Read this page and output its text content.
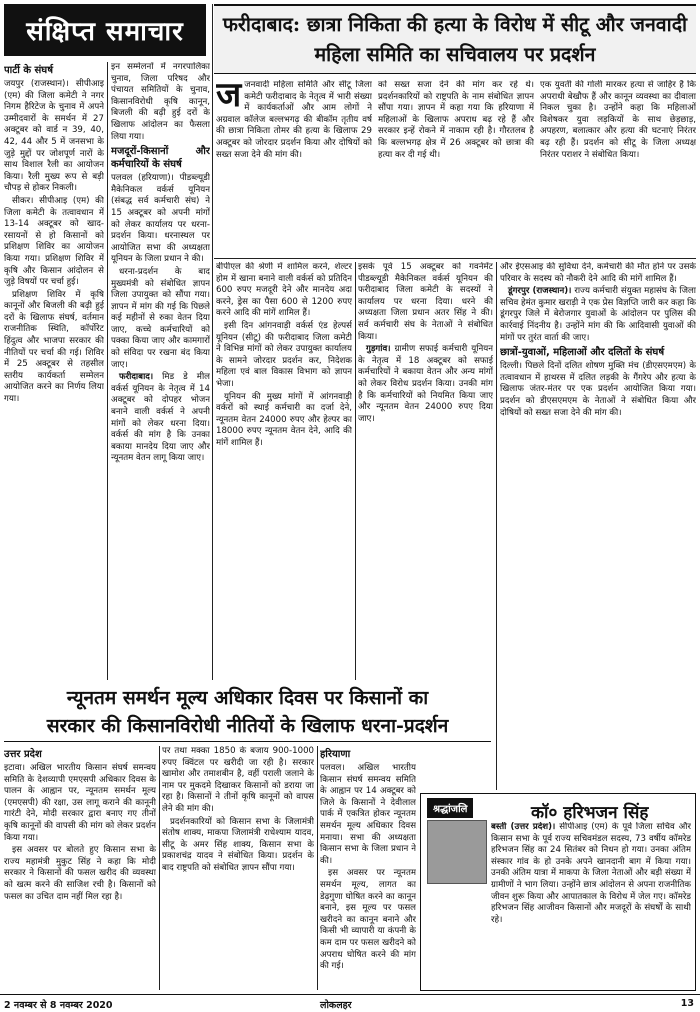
संक्षिप्त समाचार
पार्टी के संघर्ष

जयपुर (राजस्थान)। सीपीआइ (एम) की जिला कमेटी ने नगर निगम हैरिटेज के चुनाव में अपने उम्मीदवारों के समर्थन में 27 अक्टूबर को वार्ड न 39, 40, 42, 44 और 5 में जनसभा के जुड़े मुद्दों पर जोशपूर्ण नारों के साथ विशाल रैली का आयोजन किया। रैली मुख्य रूप से बड़ी चौपड़ से होकर निकली।

सीकर। सीपीआइ (एम) की जिला कमेटी के तत्वावधान में 13-14 अक्टूबर को खाद-रसायनों से हो किसानों को प्रशिक्षण शिविर का आयोजन किया गया। प्रशिक्षण शिविर में कृषि और किसान आंदोलन से जुड़े विषयों पर चर्चा हुई।

प्रशिक्षण शिविर में कृषि कानूनों और बिजली की बढ़ी हुई दरों के खिलाफ संघर्ष, वर्तमान राजनीतिक स्थिति, कॉर्पोरेट हिंदुत्व और भाजपा सरकार की नीतियों पर चर्चा की गई। शिविर में 25 अक्टूबर से तहसील स्तरीय कार्यकर्ता सम्मेलन आयोजित करने का निर्णय लिया गया।

इन सम्मेलनों में नगरपालिका चुनाव, जिला परिषद और पंचायत समितियों के चुनाव, किसानविरोधी कृषि कानून, बिजली की बढ़ी हुई दरों के खिलाफ आंदोलन का फैसला लिया गया।

मजदूरों-किसानों और कर्मचारियों के संघर्ष

पलवल (हरियाणा)। पीडब्ल्यूडी मैकेनिकल वर्कर्स यूनियन (संबद्ध सर्व कर्मचारी संघ) ने 15 अक्टूबर को अपनी मांगों को लेकर कार्यालय पर धरना-प्रदर्शन किया। धरनास्थल पर आयोजित सभा की अध्यक्षता यूनियन के जिला प्रधान ने की।

धरना-प्रदर्शन के बाद मुख्यमंत्री को संबोधित ज्ञापन जिला उपायुक्त को सौंपा गया। ज्ञापन में मांग की गई कि पिछले कई महीनों से रुका वेतन दिया जाए, कच्चे कर्मचारियों को पक्का किया जाए और कामगारों को संविदा पर रखना बंद किया जाए।

फरीदाबाद। मिड डे मील वर्कर्स यूनियन के नेतृत्व में 14 अक्टूबर को दोपहर भोजन बनाने वाली वर्कर्स ने अपनी मांगों को लेकर धरना दिया। वर्कर्स की मांग है कि उनका बकाया मानदेय दिया जाए और न्यूनतम वेतन लागू किया जाए।

फरीदाबाद: छात्रा निकिता की हत्या के विरोध में सीटू और जनवादी महिला समिति का सचिवालय पर प्रदर्शन

जजनवादी महिला समिति और सीटू जिला कमेटी फरीदाबाद के नेतृत्व में भारी संख्या में कार्यकर्ताओं और आम लोगों ने अग्रवाल कॉलेज बल्लभगढ़ की बीकॉम तृतीय वर्ष की छात्रा निकिता तोमर की हत्या के खिलाफ 29 अक्टूबर को जोरदार प्रदर्शन किया और दोषियों को सख्त सजा देने की मांग की।

को सख्त सजा देने की मांग कर रहे थे। प्रदर्शनकारियों को राष्ट्रपति के नाम संबोधित ज्ञापन सौंपा गया। ज्ञापन में कहा गया कि हरियाणा में महिलाओं के खिलाफ अपराध बढ़ रहे हैं और सरकार इन्हें रोकने में नाकाम रही है। गौरतलब है कि बल्लभगढ़ क्षेत्र में 26 अक्टूबर को छात्रा की हत्या कर दी गई थी।

एक युवती की गोली मारकर हत्या से जाहिर है कि अपराधी बेखौफ हैं और कानून व्यवस्था का दीवाला निकल चुका है। उन्होंने कहा कि महिलाओं विशेषकर युवा लड़कियों के साथ छेड़छाड़, अपहरण, बलात्कार और हत्या की घटनाएं निरंतर बढ़ रही हैं। प्रदर्शन को सीटू के जिला अध्यक्ष निरंतर पराशर ने संबोधित किया।

बीपीएल की श्रेणी में शामिल करने, शेल्टर होम में खाना बनाने वाली वर्कर्स को प्रतिदिन 600 रुपए मजदूरी देने और मानदेय अदा करने, ड्रेस का पैसा 600 से 1200 रुपए करने आदि की मांगें शामिल हैं।

इसी दिन आंगनवाड़ी वर्कर्स एंड हेल्पर्स यूनियन (सीटू) की फरीदाबाद जिला कमेटी ने विभिन्न मांगों को लेकर उपायुक्त कार्यालय के सामने जोरदार प्रदर्शन कर, निदेशक महिला एवं बाल विकास विभाग को ज्ञापन भेजा।

यूनियन की मुख्य मांगों में आंगनवाड़ी वर्करों को स्थाई कर्मचारी का दर्जा देने, न्यूनतम वेतन 24000 रुपए और हेल्पर का 18000 रुपए न्यूनतम वेतन देने, आदि की मांगें शामिल हैं।

इसके पूर्व 15 अक्टूबर को गवर्नमेंट पीडब्ल्यूडी मैकेनिकल वर्कर्स यूनियन की फरीदाबाद जिला कमेटी के सदस्यों ने कार्यालय पर धरना दिया। धरने की अध्यक्षता जिला प्रधान अतर सिंह ने की। सर्व कर्मचारी संघ के नेताओं ने संबोधित किया।

गुड़गांव। ग्रामीण सफाई कर्मचारी यूनियन के नेतृत्व में 18 अक्टूबर को सफाई कर्मचारियों ने बकाया वेतन और अन्य मांगों को लेकर विरोध प्रदर्शन किया। उनकी मांग है कि कर्मचारियों को नियमित किया जाए और न्यूनतम वेतन 24000 रुपए दिया जाए।

और ईएसआइ की सुविधा देने, कर्मचारी की मौत होने पर उसके परिवार के सदस्य को नौकरी देने आदि की मांगें शामिल हैं।

डूंगरपुर (राजस्थान)। राज्य कर्मचारी संयुक्त महासंघ के जिला सचिव हेमंत कुमार खराड़ी ने एक प्रेस विज्ञप्ति जारी कर कहा कि डूंगरपुर जिले में बेरोजगार युवाओं के आंदोलन पर पुलिस की कार्रवाई निंदनीय है। उन्होंने मांग की कि आदिवासी युवाओं की मांगों पर तुरंत वार्ता की जाए।

छात्रों-युवाओं, महिलाओं और दलितों के संघर्ष

दिल्ली। पिछले दिनों दलित शोषण मुक्ति मंच (डीएसएमएम) के तत्वावधान में हाथरस में दलित लड़की के गैंगरेप और हत्या के खिलाफ जंतर-मंतर पर एक प्रदर्शन आयोजित किया गया। प्रदर्शन को डीएसएमएम के नेताओं ने संबोधित किया और दोषियों को सख्त सजा देने की मांग की।

न्यूनतम समर्थन मूल्य अधिकार दिवस पर किसानों का
सरकार की किसानविरोधी नीतियों के खिलाफ धरना-प्रदर्शन
उत्तर प्रदेश

इटावा। अखिल भारतीय किसान संघर्ष समन्वय समिति के देशव्यापी एमएसपी अधिकार दिवस के पालन के आह्वान पर, न्यूनतम समर्थन मूल्य (एमएसपी) की रक्षा, उस लागू कराने की कानूनी गारंटी देने, मोदी सरकार द्वारा बनाए गए तीनों कृषि कानूनों की वापसी की मांग को लेकर प्रदर्शन किया गया।

इस अवसर पर बोलते हुए किसान सभा के राज्य महामंत्री मुकुट सिंह ने कहा कि मोदी सरकार ने किसानों की फसल खरीद की व्यवस्था को खत्म करने की साजिश रची है। किसानों को फसल का उचित दाम नहीं मिल रहा है।

पर तथा मक्का 1850 के बजाय 900-1000 रुपए क्विंटल पर खरीदी जा रही है। सरकार खामोश और तमाशबीन है, वहीं पराली जलाने के नाम पर मुकदमे दिखाकर किसानों को डराया जा रहा है। किसानों ने तीनों कृषि कानूनों को वापस लेने की मांग की।

प्रदर्शनकारियों को किसान सभा के जिलामंत्री संतोष शाक्य, माकपा जिलामंत्री राधेश्याम यादव, सीटू के अमर सिंह शाक्य, किसान सभा के प्रकाशचंद्र यादव ने संबोधित किया। प्रदर्शन के बाद राष्ट्रपति को संबोधित ज्ञापन सौंपा गया।

हरियाणा

पलवल। अखिल भारतीय किसान संघर्ष समन्वय समिति के आह्वान पर 14 अक्टूबर को जिले के किसानों ने देवीलाल पार्क में एकत्रित होकर न्यूनतम समर्थन मूल्य अधिकार दिवस मनाया। सभा की अध्यक्षता किसान सभा के जिला प्रधान ने की।

इस अवसर पर न्यूनतम समर्थन मूल्य, लागत का डेढ़गुणा घोषित करने का कानून बनाने, इस मूल्य पर फसल खरीदने का कानून बनाने और किसी भी व्यापारी या कंपनी के कम दाम पर फसल खरीदने को अपराध घोषित करने की मांग की गई।

श्रद्धांजलि	कॉ० हरिभजन सिंह

बस्ती (उत्तर प्रदेश)। सीपीआइ (एम) के पूर्व जिला सचिव और किसान सभा के पूर्व राज्य सचिवमंडल सदस्य, 73 वर्षीय कॉमरेड हरिभजन सिंह का 24 सितंबर को निधन हो गया। उनका अंतिम संस्कार गांव के हो उनके अपने खानदानी बाग में किया गया। उनकी अंतिम यात्रा में माकपा के जिला नेताओं और बड़ी संख्या में ग्रामीणों ने भाग लिया। उन्होंने छात्र आंदोलन से अपना राजनीतिक जीवन शुरू किया और आपातकाल के विरोध में जेल गए। कॉमरेड हरिभजन सिंह आजीवन किसानों और मजदूरों के संघर्षों के साथी रहे।

2 नवम्बर से 8 नवम्बर 2020	लोकलहर	13
